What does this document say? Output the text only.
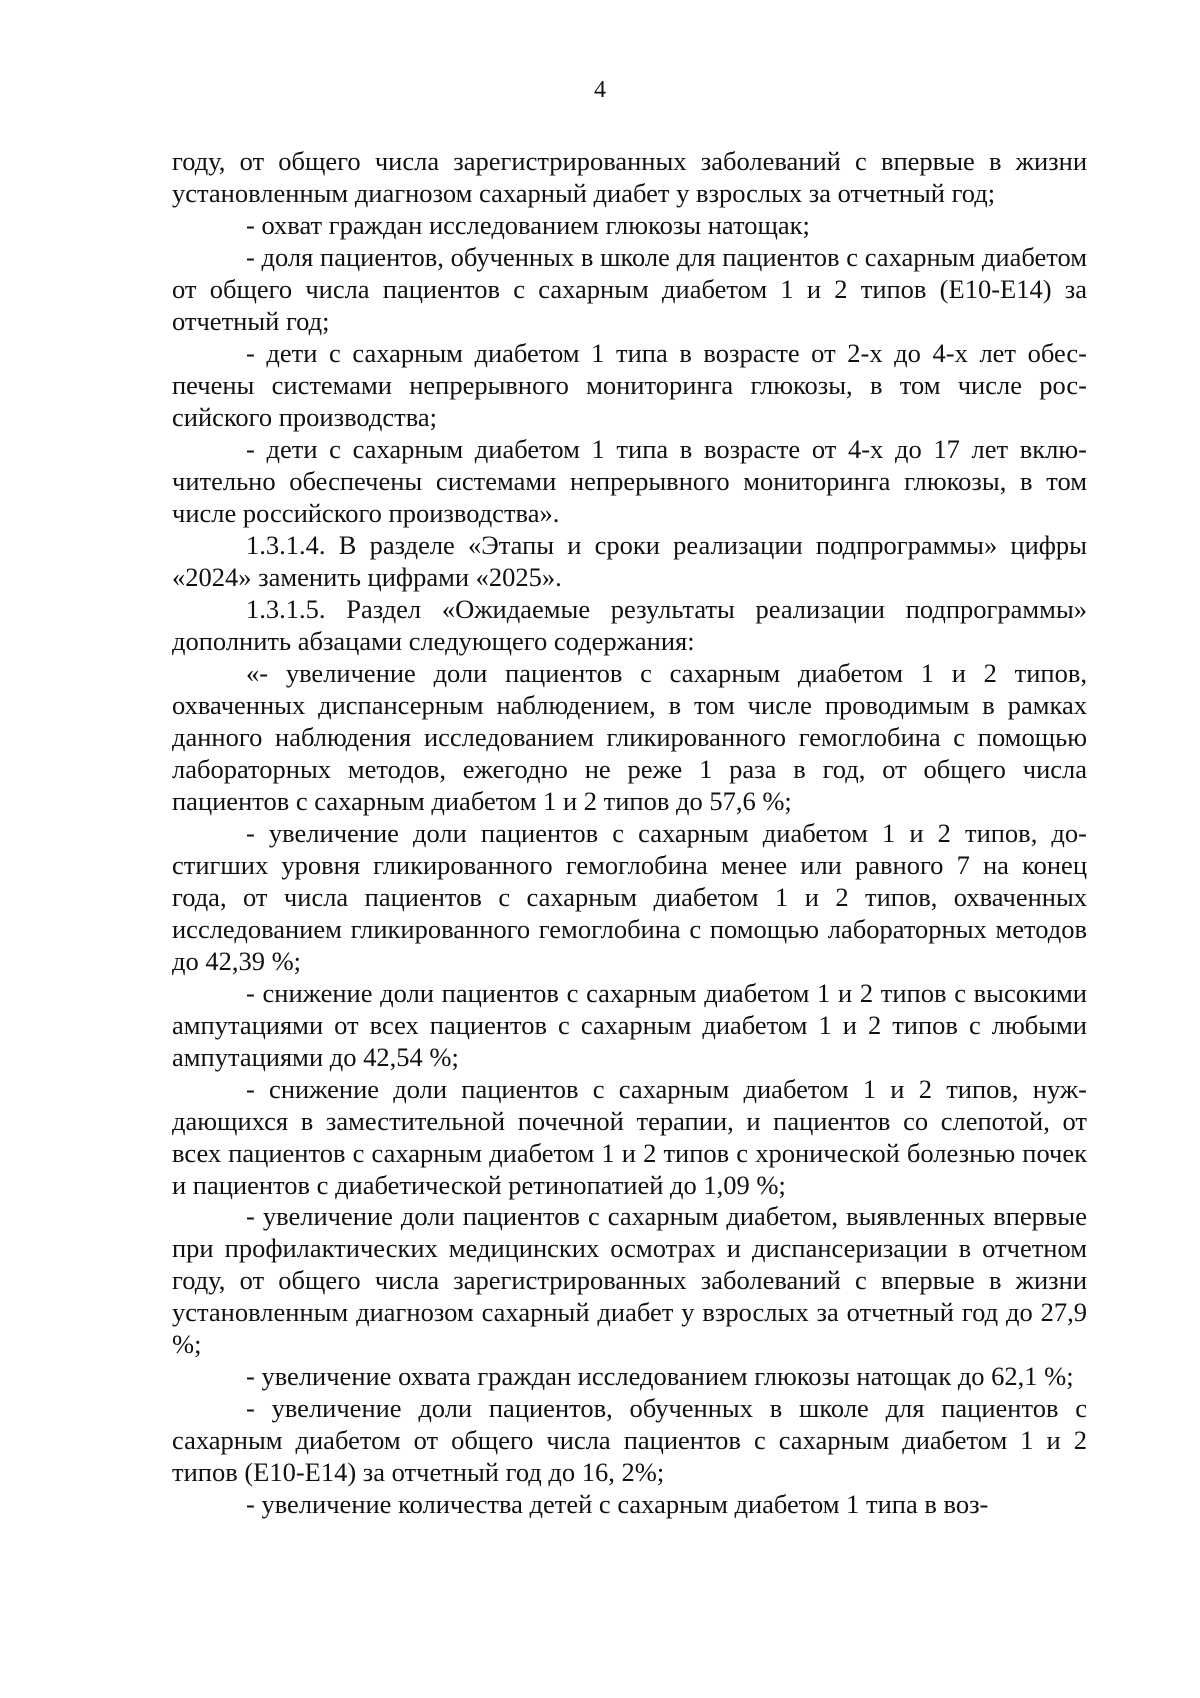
4

году, от общего числа зарегистрированных заболеваний с впервые в жизни установленным диагнозом сахарный диабет у взрослых за отчетный год;

- охват граждан исследованием глюкозы натощак;

- доля пациентов, обученных в школе для пациентов с сахарным диабетом от общего числа пациентов с сахарным диабетом 1 и 2 типов (E10-E14) за отчетный год;

- дети с сахарным диабетом 1 типа в возрасте от 2-х до 4-х лет обеспечены системами непрерывного мониторинга глюкозы, в том числе российского производства;

- дети с сахарным диабетом 1 типа в возрасте от 4-х до 17 лет включительно обеспечены системами непрерывного мониторинга глюкозы, в том числе российского производства».

1.3.1.4. В разделе «Этапы и сроки реализации подпрограммы» цифры «2024» заменить цифрами «2025».

1.3.1.5. Раздел «Ожидаемые результаты реализации подпрограммы» дополнить абзацами следующего содержания:

«- увеличение доли пациентов с сахарным диабетом 1 и 2 типов, охваченных диспансерным наблюдением, в том числе проводимым в рамках данного наблюдения исследованием гликированного гемоглобина с помощью лабораторных методов, ежегодно не реже 1 раза в год, от общего числа пациентов с сахарным диабетом 1 и 2 типов до 57,6 %;

- увеличение доли пациентов с сахарным диабетом 1 и 2 типов, достигших уровня гликированного гемоглобина менее или равного 7 на конец года, от числа пациентов с сахарным диабетом 1 и 2 типов, охваченных исследованием гликированного гемоглобина с помощью лабораторных методов до 42,39 %;

- снижение доли пациентов с сахарным диабетом 1 и 2 типов с высокими ампутациями от всех пациентов с сахарным диабетом 1 и 2 типов с любыми ампутациями до 42,54 %;

- снижение доли пациентов с сахарным диабетом 1 и 2 типов, нуждающихся в заместительной почечной терапии, и пациентов со слепотой, от всех пациентов с сахарным диабетом 1 и 2 типов с хронической болезнью почек и пациентов с диабетической ретинопатией до 1,09 %;

- увеличение доли пациентов с сахарным диабетом, выявленных впервые при профилактических медицинских осмотрах и диспансеризации в отчетном году, от общего числа зарегистрированных заболеваний с впервые в жизни установленным диагнозом сахарный диабет у взрослых за отчетный год до 27,9 %;

- увеличение охвата граждан исследованием глюкозы натощак до 62,1 %;

- увеличение доли пациентов, обученных в школе для пациентов с сахарным диабетом от общего числа пациентов с сахарным диабетом 1 и 2 типов (E10-E14) за отчетный год до 16, 2%;

- увеличение количества детей с сахарным диабетом 1 типа в воз-
